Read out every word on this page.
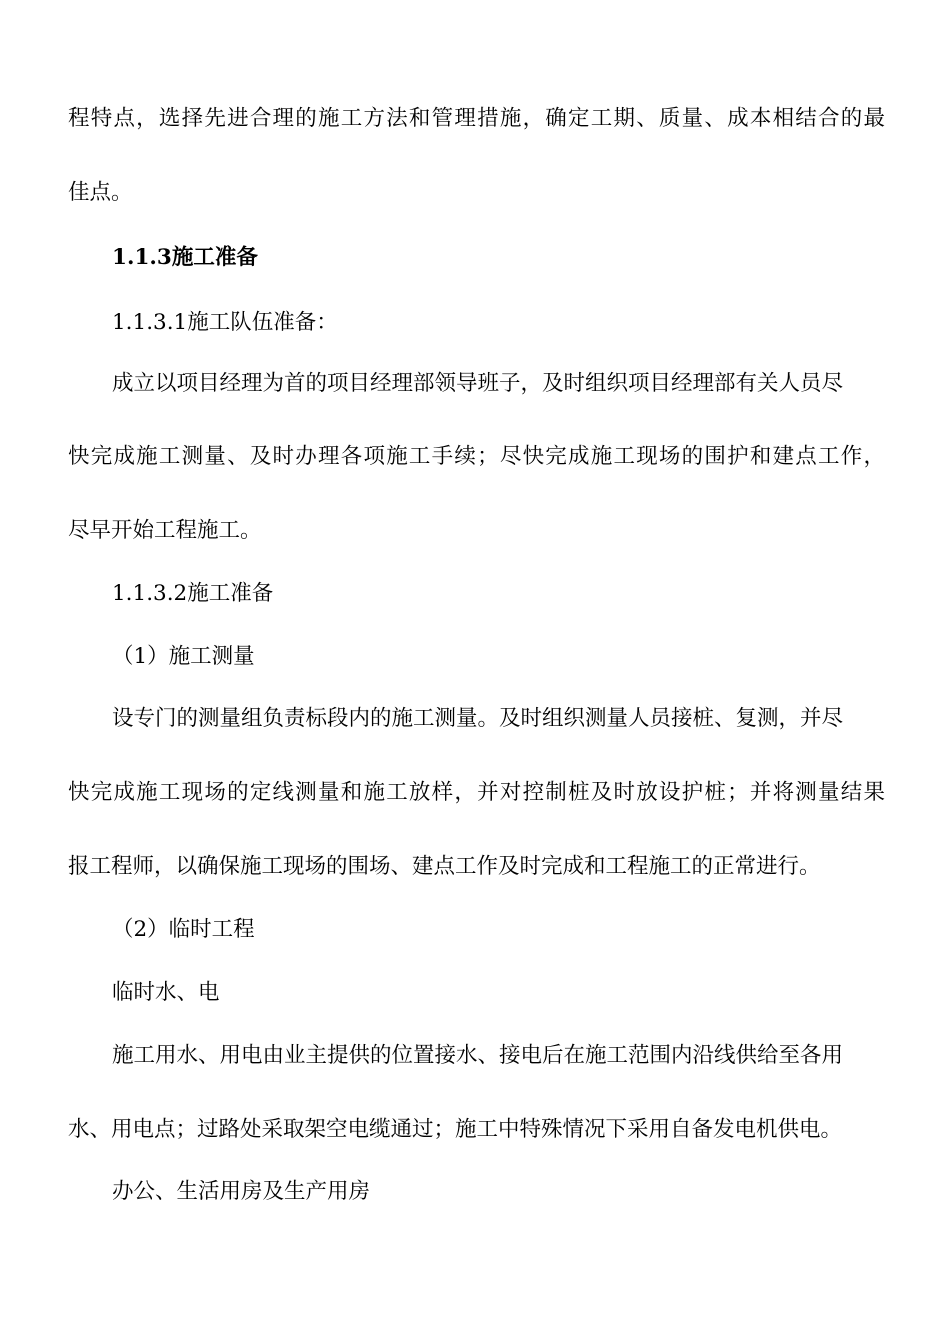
程特点，选择先进合理的施工方法和管理措施，确定工期、质量、成本相结合的最
佳点。
1.1.3施工准备
1.1.3.1施工队伍准备：
成立以项目经理为首的项目经理部领导班子，及时组织项目经理部有关人员尽
快完成施工测量、及时办理各项施工手续；尽快完成施工现场的围护和建点工作，
尽早开始工程施工。
1.1.3.2施工准备
（1）施工测量
设专门的测量组负责标段内的施工测量。及时组织测量人员接桩、复测，并尽
快完成施工现场的定线测量和施工放样，并对控制桩及时放设护桩；并将测量结果
报工程师，以确保施工现场的围场、建点工作及时完成和工程施工的正常进行。
（2）临时工程
临时水、电
施工用水、用电由业主提供的位置接水、接电后在施工范围内沿线供给至各用
水、用电点；过路处采取架空电缆通过；施工中特殊情况下采用自备发电机供电。
办公、生活用房及生产用房
